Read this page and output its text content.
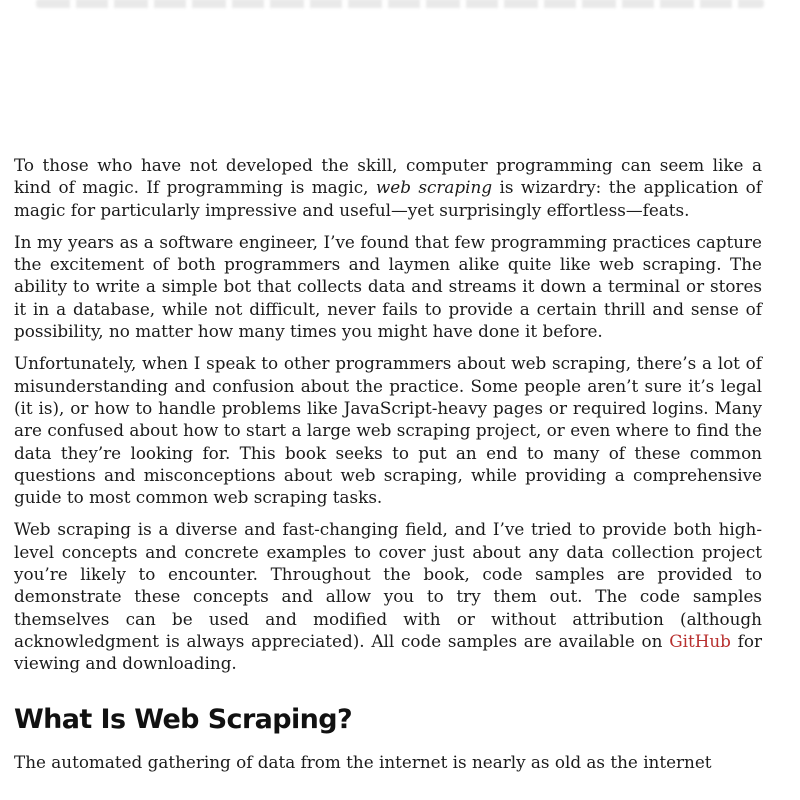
To those who have not developed the skill, computer programming can seem like a kind of magic. If programming is magic, web scraping is wizardry: the application of magic for particularly impressive and useful—yet surprisingly effortless—feats.

In my years as a software engineer, I’ve found that few programming practices capture the excitement of both programmers and laymen alike quite like web scraping. The ability to write a simple bot that collects data and streams it down a terminal or stores it in a database, while not difficult, never fails to provide a certain thrill and sense of possibility, no matter how many times you might have done it before.

Unfortunately, when I speak to other programmers about web scraping, there’s a lot of misunderstanding and confusion about the practice. Some people aren’t sure it’s legal (it is), or how to handle problems like JavaScript-heavy pages or required logins. Many are confused about how to start a large web scraping project, or even where to find the data they’re looking for. This book seeks to put an end to many of these common questions and misconceptions about web scraping, while providing a comprehensive guide to most common web scraping tasks.

Web scraping is a diverse and fast-changing field, and I’ve tried to provide both high-level concepts and concrete examples to cover just about any data collection project you’re likely to encounter. Throughout the book, code samples are provided to demonstrate these concepts and allow you to try them out. The code samples themselves can be used and modified with or without attribution (although acknowledgment is always appreciated). All code samples are available on GitHub for viewing and downloading.

What Is Web Scraping?

The automated gathering of data from the internet is nearly as old as the internet
